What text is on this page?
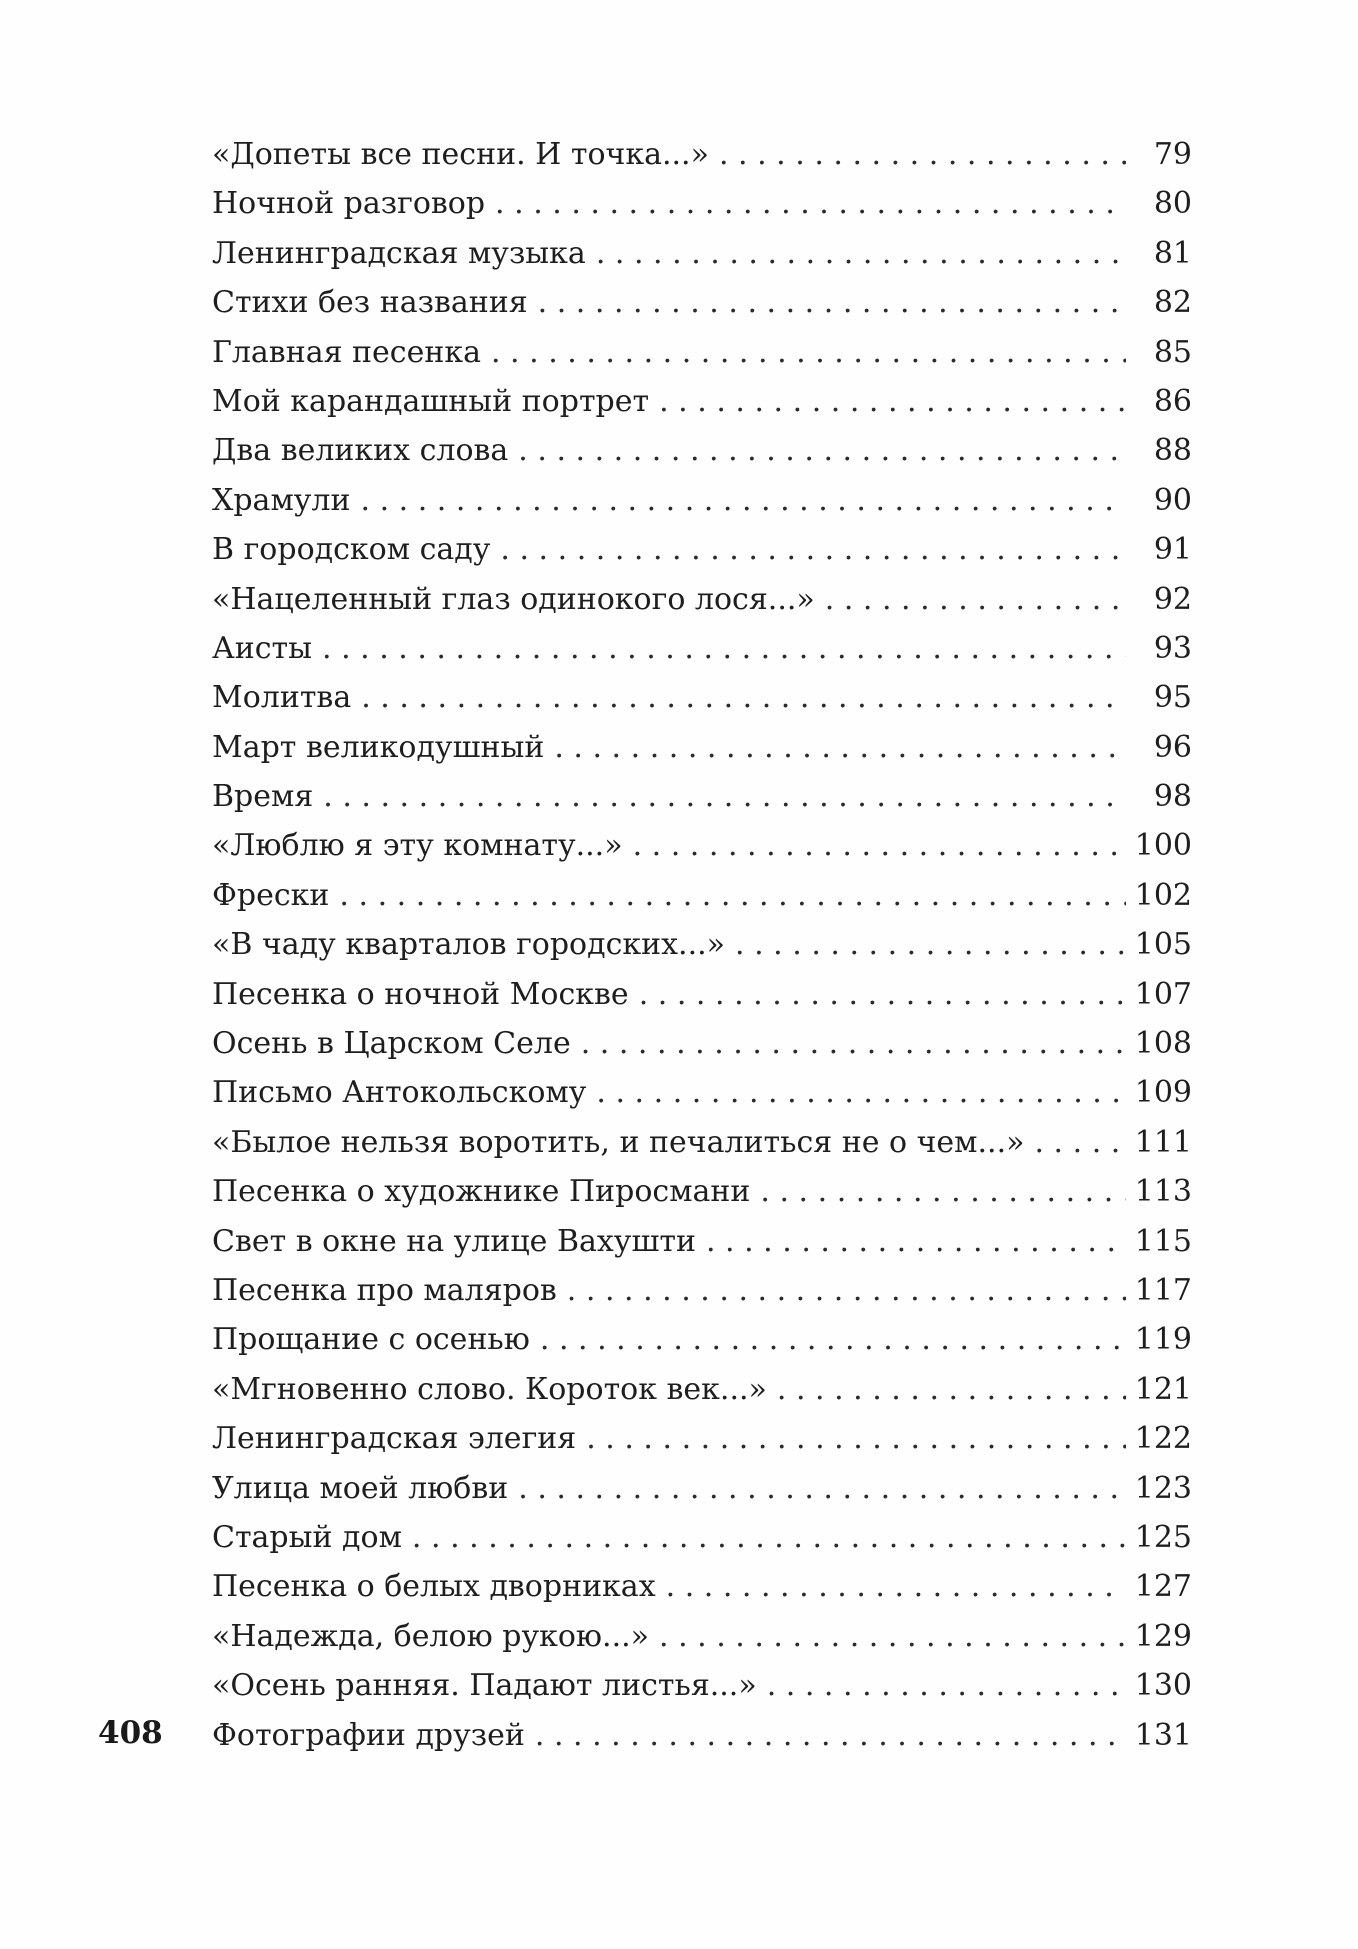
«Допеты все песни. И точка...» . . .	79
Ночной разговор . . .	80
Ленинградская музыка . . .	81
Стихи без названия . . .	82
Главная песенка . . .	85
Мой карандашный портрет . . .	86
Два великих слова . . .	88
Храмули . . .	90
В городском саду . . .	91
«Нацеленный глаз одинокого лося...» . . .	92
Аисты . . .	93
Молитва . . .	95
Март великодушный . . .	96
Время . . .	98
«Люблю я эту комнату...» . . .	100
Фрески . . .	102
«В чаду кварталов городских...» . . .	105
Песенка о ночной Москве . . .	107
Осень в Царском Селе . . .	108
Письмо Антокольскому . . .	109
«Былое нельзя воротить, и печалиться не о чем...» . . .	111
Песенка о художнике Пиросмани . . .	113
Свет в окне на улице Вахушти . . .	115
Песенка про маляров . . .	117
Прощание с осенью . . .	119
«Мгновенно слово. Короток век...» . . .	121
Ленинградская элегия . . .	122
Улица моей любви . . .	123
Старый дом . . .	125
Песенка о белых дворниках . . .	127
«Надежда, белою рукою...» . . .	129
«Осень ранняя. Падают листья...» . . .	130
Фотографии друзей . . .	131
408
